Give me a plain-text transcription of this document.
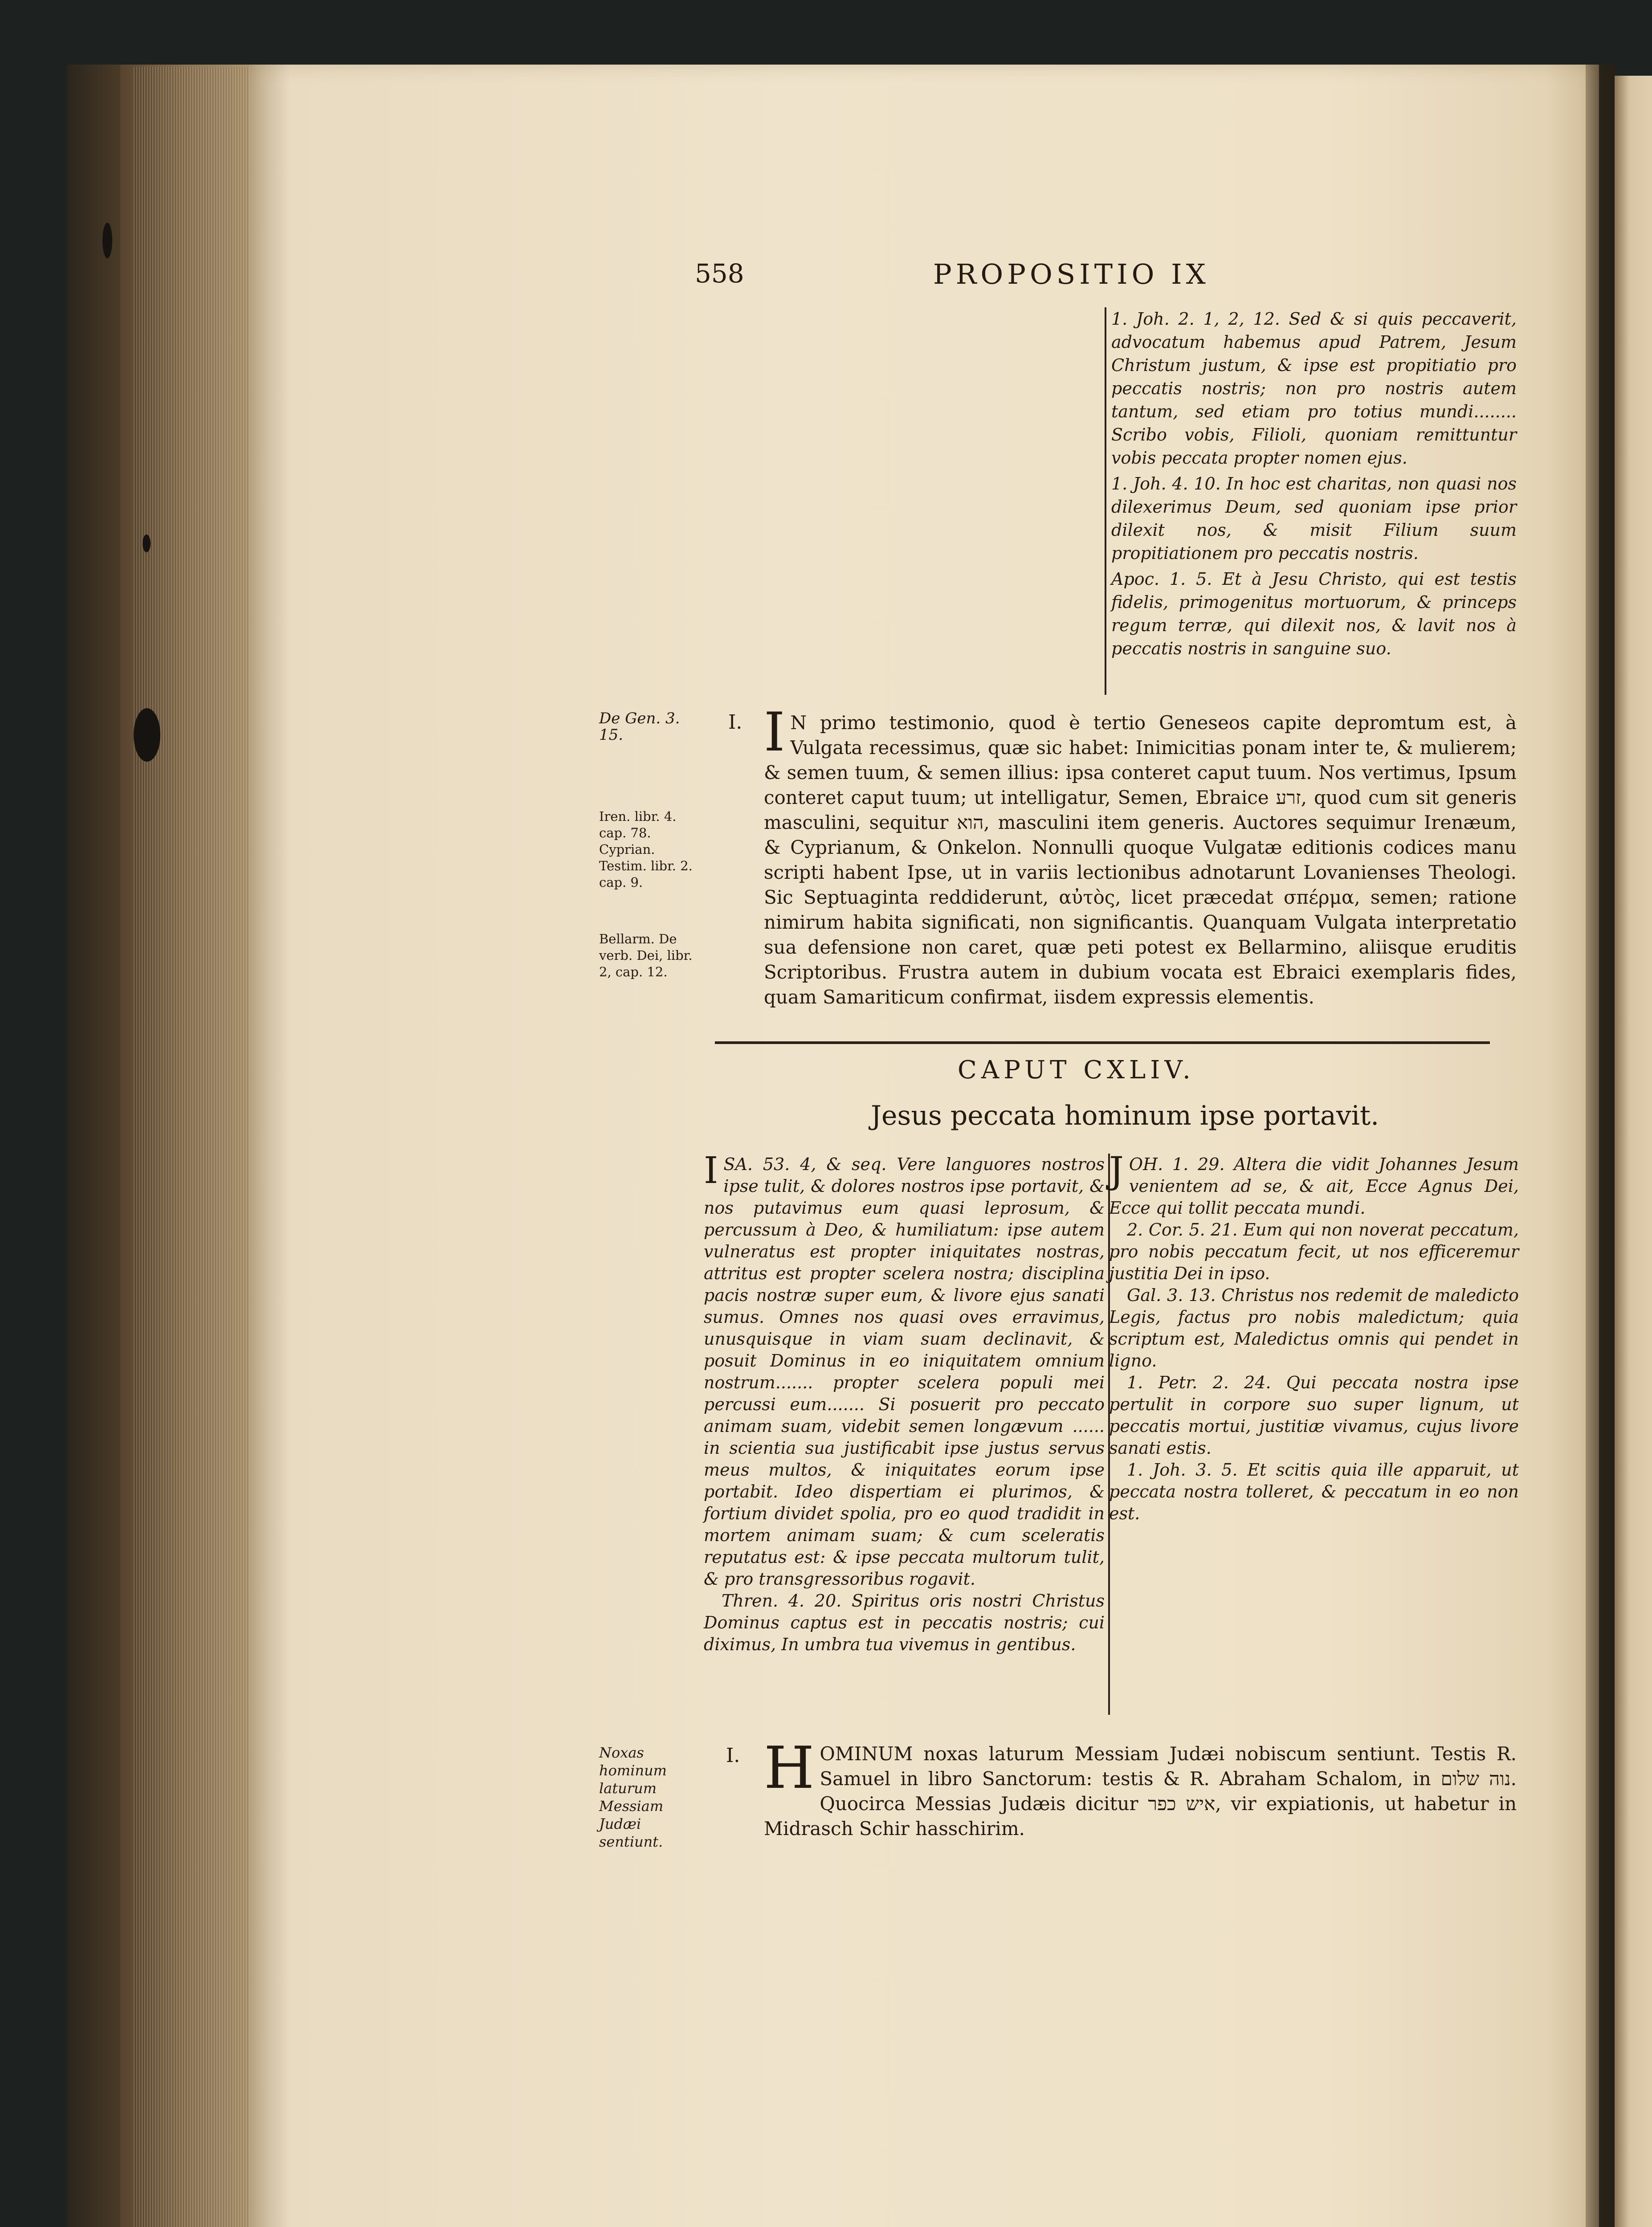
558	PROPOSITIO IX

1. Joh. 2. 1, 2, 12. Sed & si quis peccaverit, advocatum habemus apud Patrem, Jesum Christum justum, & ipse est propitiatio pro peccatis nostris; non pro nostris autem tantum, sed etiam pro totius mundi........ Scribo vobis, Filioli, quoniam remittuntur vobis peccata propter nomen ejus.

1. Joh. 4. 10. In hoc est charitas, non quasi nos dilexerimus Deum, sed quoniam ipse prior dilexit nos, & misit Filium suum propitiationem pro peccatis nostris.

Apoc. 1. 5. Et à Jesu Christo, qui est testis fidelis, primogenitus mortuorum, & princeps regum terræ, qui dilexit nos, & lavit nos à peccatis nostris in sanguine suo.

De Gen. 3. 15.
Iren. libr. 4. cap. 78. Cyprian. Testim. libr. 2. cap. 9.
Bellarm. De verb. Dei, libr. 2, cap. 12.
Noxas hominum laturum Messiam Judæi sentiunt.
I. I N primo testimonio, quod è tertio Geneseos capite depromtum est, à Vulgata recessimus, quæ sic habet: Inimicitias ponam inter te, & mulierem; & semen tuum, & semen illius: ipsa conteret caput tuum. Nos vertimus, Ipsum conteret caput tuum; ut intelligatur, Semen, Ebraice זרע, quod cum sit generis masculini, sequitur הוא, masculini item generis. Auctores sequimur Irenæum, & Cyprianum, & Onkelon. Nonnulli quoque Vulgatæ editionis codices manu scripti habent Ipse, ut in variis lectionibus adnotarunt Lovanienses Theologi. Sic Septuaginta reddiderunt, αὐτὸς, licet præcedat σπέρμα, semen; ratione nimirum habita significati, non significantis. Quanquam Vulgata interpretatio sua defensione non caret, quæ peti potest ex Bellarmino, aliisque eruditis Scriptoribus. Frustra autem in dubium vocata est Ebraici exemplaris fides, quam Samariticum confirmat, iisdem expressis elementis.

CAPUT CXLIV.
Jesus peccata hominum ipse portavit.

ISA. 53. 4, & seq. Vere languores nostros ipse tulit, & dolores nostros ipse portavit, & nos putavimus eum quasi leprosum, & percussum à Deo, & humiliatum: ipse autem vulneratus est propter iniquitates nostras, attritus est propter scelera nostra; disciplina pacis nostræ super eum, & livore ejus sanati sumus. Omnes nos quasi oves erravimus, unusquisque in viam suam declinavit, & posuit Dominus in eo iniquitatem omnium nostrum....... propter scelera populi mei percussi eum....... Si posuerit pro peccato animam suam, videbit semen longævum ...... in scientia sua justificabit ipse justus servus meus multos, & iniquitates eorum ipse portabit. Ideo dispertiam ei plurimos, & fortium dividet spolia, pro eo quod tradidit in mortem animam suam; & cum sceleratis reputatus est: & ipse peccata multorum tulit, & pro transgressoribus rogavit.

Thren. 4. 20. Spiritus oris nostri Christus Dominus captus est in peccatis nostris; cui diximus, In umbra tua vivemus in gentibus.

JOH. 1. 29. Altera die vidit Johannes Jesum venientem ad se, & ait, Ecce Agnus Dei, Ecce qui tollit peccata mundi.

2. Cor. 5. 21. Eum qui non noverat peccatum, pro nobis peccatum fecit, ut nos efficeremur justitia Dei in ipso.

Gal. 3. 13. Christus nos redemit de maledicto Legis, factus pro nobis maledictum; quia scriptum est, Maledictus omnis qui pendet in ligno.

1. Petr. 2. 24. Qui peccata nostra ipse pertulit in corpore suo super lignum, ut peccatis mortui, justitiæ vivamus, cujus livore sanati estis.

1. Joh. 3. 5. Et scitis quia ille apparuit, ut peccata nostra tolleret, & peccatum in eo non est.

I. HOMINUM noxas laturum Messiam Judæi nobiscum sentiunt. Testis R. Samuel in libro Sanctorum: testis & R. Abraham Schalom, in נוה שלום. Quocirca Messias Judæis dicitur איש כפר, vir expiationis, ut habetur in Midrasch Schir hasschirim.
